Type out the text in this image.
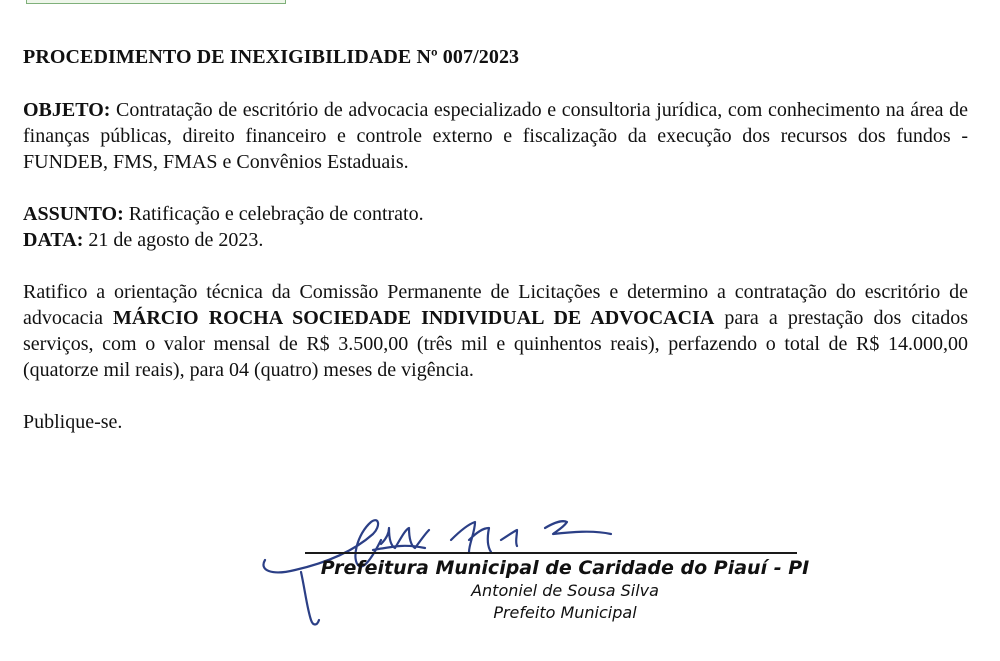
PROCEDIMENTO DE INEXIGIBILIDADE Nº 007/2023

OBJETO: Contratação de escritório de advocacia especializado e consultoria jurídica, com conhecimento na área de finanças públicas, direito financeiro e controle externo e fiscalização da execução dos recursos dos fundos - FUNDEB, FMS, FMAS e Convênios Estaduais.

ASSUNTO: Ratificação e celebração de contrato.

DATA: 21 de agosto de 2023.

Ratifico a orientação técnica da Comissão Permanente de Licitações e determino a contratação do escritório de advocacia MÁRCIO ROCHA SOCIEDADE INDIVIDUAL DE ADVOCACIA para a prestação dos citados serviços, com o valor mensal de R$ 3.500,00 (três mil e quinhentos reais), perfazendo o total de R$ 14.000,00 (quatorze mil reais), para 04 (quatro) meses de vigência.

Publique-se.

Prefeitura Municipal de Caridade do Piauí - PI
Antoniel de Sousa Silva
Prefeito Municipal
